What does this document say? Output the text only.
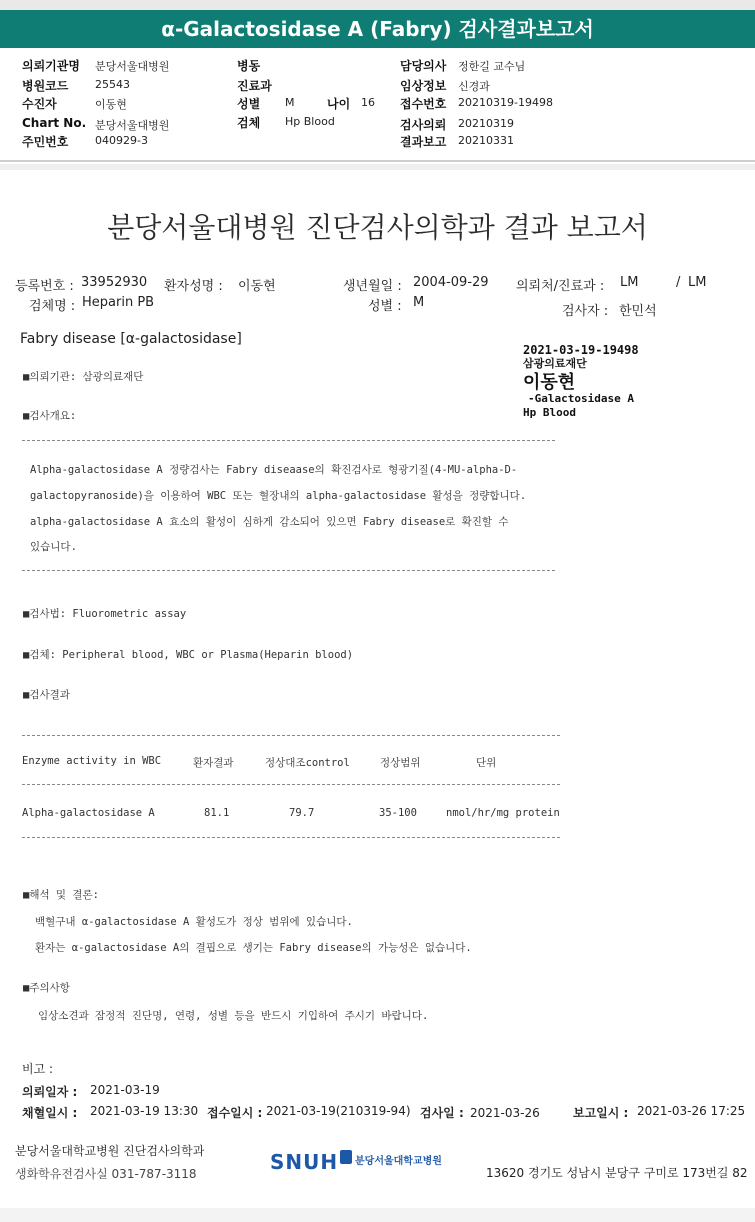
α-Galactosidase A (Fabry) 검사결과보고서
의뢰기관명 분당서울대병원
병원코드 25543
수진자	이동현
Chart No. 분당서울대병원
주민번호 040929-3
병동
진료과
성별 M	나이 16
검체 Hp Blood
담당의사 정한길 교수님
임상정보 신경과
접수번호 20210319-19498
검사의뢰 20210319
결과보고 20210331
분당서울대병원 진단검사의학과 결과 보고서
등록번호 : 33952930 환자성명 : 이동현	생년월일 : 2004-09-29 의뢰처/진료과 : LM	/ LM
검체명 : Heparin PB	성별 : M
검사자 : 한민석
Fabry disease [α-galactosidase]
2021-03-19-19498
삼광의료재단
이동현
-Galactosidase A
Hp Blood
■의뢰기관: 삼광의료재단
■검사개요:
Alpha-galactosidase A 정량검사는 Fabry diseaase의 확진검사로 형광기질(4-MU-alpha-D-
galactopyranoside)을 이용하여 WBC 또는 혈장내의 alpha-galactosidase 활성을 정량합니다.
alpha-galactosidase A 효소의 활성이 심하게 감소되어 있으면 Fabry disease로 확진할 수
있습니다.
■검사법: Fluorometric assay
■검체: Peripheral blood, WBC or Plasma(Heparin blood)
■검사결과
Enzyme activity in WBC	환자결과	정상대조control	정상범위	단위
Alpha-galactosidase A	81.1	79.7	35-100	nmol/hr/mg protein
■해석 및 결론:
백혈구내 α-galactosidase A 활성도가 정상 범위에 있습니다.
환자는 α-galactosidase A의 결핍으로 생기는 Fabry disease의 가능성은 없습니다.
■주의사항
임상소견과 잠정적 진단명, 연령, 성별 등을 반드시 기입하여 주시기 바랍니다.
비고 :
의뢰일자 : 2021-03-19
채혈일시 : 2021-03-19 13:30 접수일시 : 2021-03-19(210319-94) 검사일 : 2021-03-26	보고일시 : 2021-03-26 17:25
분당서울대학교병원 진단검사의학과
생화학유전검사실 031-787-3118	SNUH 분당서울대학교병원
13620 경기도 성남시 분당구 구미로 173번길 82
